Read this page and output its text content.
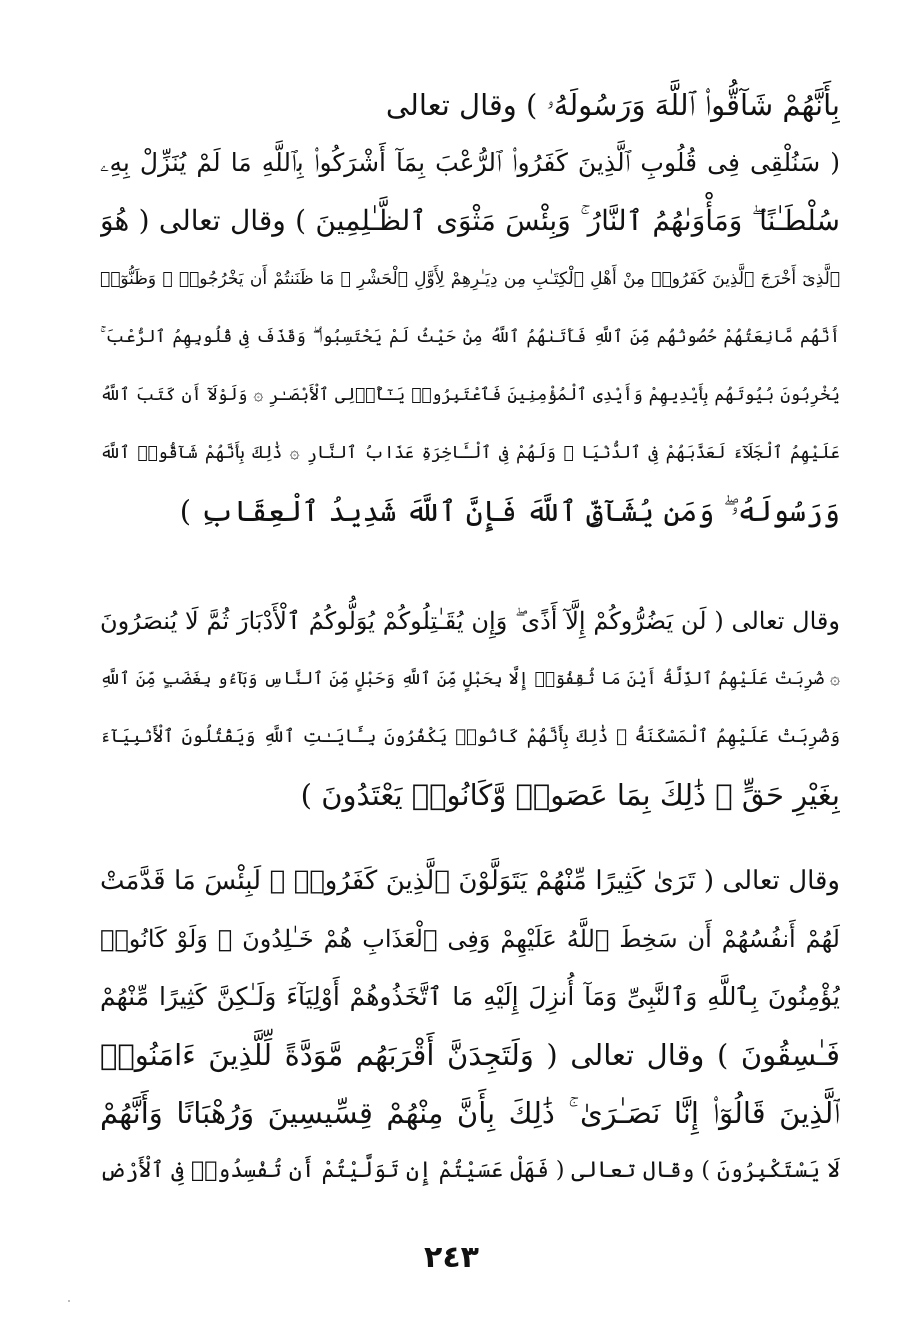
بِأَنَّهُمْ شَآقُّوا۟ ٱللَّهَ وَرَسُولَهُۥ ) وقال تعالى
( سَنُلْقِى فِى قُلُوبِ ٱلَّذِينَ كَفَرُوا۟ ٱلرُّعْبَ بِمَآ أَشْرَكُوا۟ بِٱللَّهِ مَا لَمْ يُنَزِّلْ بِهِۦ
سُلْطَـٰنًا ۖ وَمَأْوَىٰهُمُ ٱلنَّارُ ۚ وَبِئْسَ مَثْوَى ٱلظَّـٰلِمِينَ ) وقال تعالى ( هُوَ
ٱلَّذِىٓ أَخْرَجَ ٱلَّذِينَ كَفَرُوا۟ مِنْ أَهْلِ ٱلْكِتَـٰبِ مِن دِيَـٰرِهِمْ لِأَوَّلِ ٱلْحَشْرِ ۚ مَا ظَنَنتُمْ أَن يَخْرُجُوا۟ ۖ وَظَنُّوٓا۟
أَنَّهُم مَّانِعَتُهُمْ حُصُونُهُم مِّنَ ٱللَّهِ فَأَتَىٰهُمُ ٱللَّهُ مِنْ حَيْثُ لَمْ يَحْتَسِبُوا۟ ۖ وَقَذَفَ فِى قُلُوبِهِمُ ٱلرُّعْبَ ۚ
يُخْرِبُونَ بُيُوتَهُم بِأَيْدِيهِمْ وَأَيْدِى ٱلْمُؤْمِنِينَ فَٱعْتَبِرُوا۟ يَـٰٓأُو۟لِى ٱلْأَبْصَـٰرِ ۞ وَلَوْلَآ أَن كَتَبَ ٱللَّهُ
عَلَيْهِمُ ٱلْجَلَآءَ لَعَذَّبَهُمْ فِى ٱلدُّنْيَا ۖ وَلَهُمْ فِى ٱلْـَٔاخِرَةِ عَذَابُ ٱلنَّارِ ۞ ذَٰلِكَ بِأَنَّهُمْ شَآقُّوا۟ ٱللَّهَ
وَرَسُولَهُۥ ۖ وَمَن يُشَآقِّ ٱللَّهَ فَإِنَّ ٱللَّهَ شَدِيدُ ٱلْعِقَابِ )
وقال تعالى ( لَن يَضُرُّوكُمْ إِلَّآ أَذًى ۖ وَإِن يُقَـٰتِلُوكُمْ يُوَلُّوكُمُ ٱلْأَدْبَارَ ثُمَّ لَا يُنصَرُونَ
۞ ضُرِبَتْ عَلَيْهِمُ ٱلذِّلَّةُ أَيْنَ مَا ثُقِفُوٓا۟ إِلَّا بِحَبْلٍ مِّنَ ٱللَّهِ وَحَبْلٍ مِّنَ ٱلنَّاسِ وَبَآءُو بِغَضَبٍ مِّنَ ٱللَّهِ
وَضُرِبَتْ عَلَيْهِمُ ٱلْمَسْكَنَةُ ۚ ذَٰلِكَ بِأَنَّهُمْ كَانُوا۟ يَكْفُرُونَ بِـَٔايَـٰتِ ٱللَّهِ وَيَقْتُلُونَ ٱلْأَنۢبِيَآءَ
بِغَيْرِ حَقٍّ ۚ ذَٰلِكَ بِمَا عَصَوا۟ وَّكَانُوا۟ يَعْتَدُونَ )
وقال تعالى ( تَرَىٰ كَثِيرًا مِّنْهُمْ يَتَوَلَّوْنَ ٱلَّذِينَ كَفَرُوا۟ ۚ لَبِئْسَ مَا قَدَّمَتْ
لَهُمْ أَنفُسُهُمْ أَن سَخِطَ ٱللَّهُ عَلَيْهِمْ وَفِى ٱلْعَذَابِ هُمْ خَـٰلِدُونَ ۞ وَلَوْ كَانُوا۟
يُؤْمِنُونَ بِٱللَّهِ وَٱلنَّبِىِّ وَمَآ أُنزِلَ إِلَيْهِ مَا ٱتَّخَذُوهُمْ أَوْلِيَآءَ وَلَـٰكِنَّ كَثِيرًا مِّنْهُمْ
فَـٰسِقُونَ ) وقال تعالى ( وَلَتَجِدَنَّ أَقْرَبَهُم مَّوَدَّةً لِّلَّذِينَ ءَامَنُوا۟
ٱلَّذِينَ قَالُوٓا۟ إِنَّا نَصَـٰرَىٰ ۚ ذَٰلِكَ بِأَنَّ مِنْهُمْ قِسِّيسِينَ وَرُهْبَانًا وَأَنَّهُمْ
لَا يَسْتَكْبِرُونَ ) وقال تعالى ( فَهَلْ عَسَيْتُمْ إِن تَوَلَّيْتُمْ أَن تُفْسِدُوا۟ فِى ٱلْأَرْضِ
٢٤٣
